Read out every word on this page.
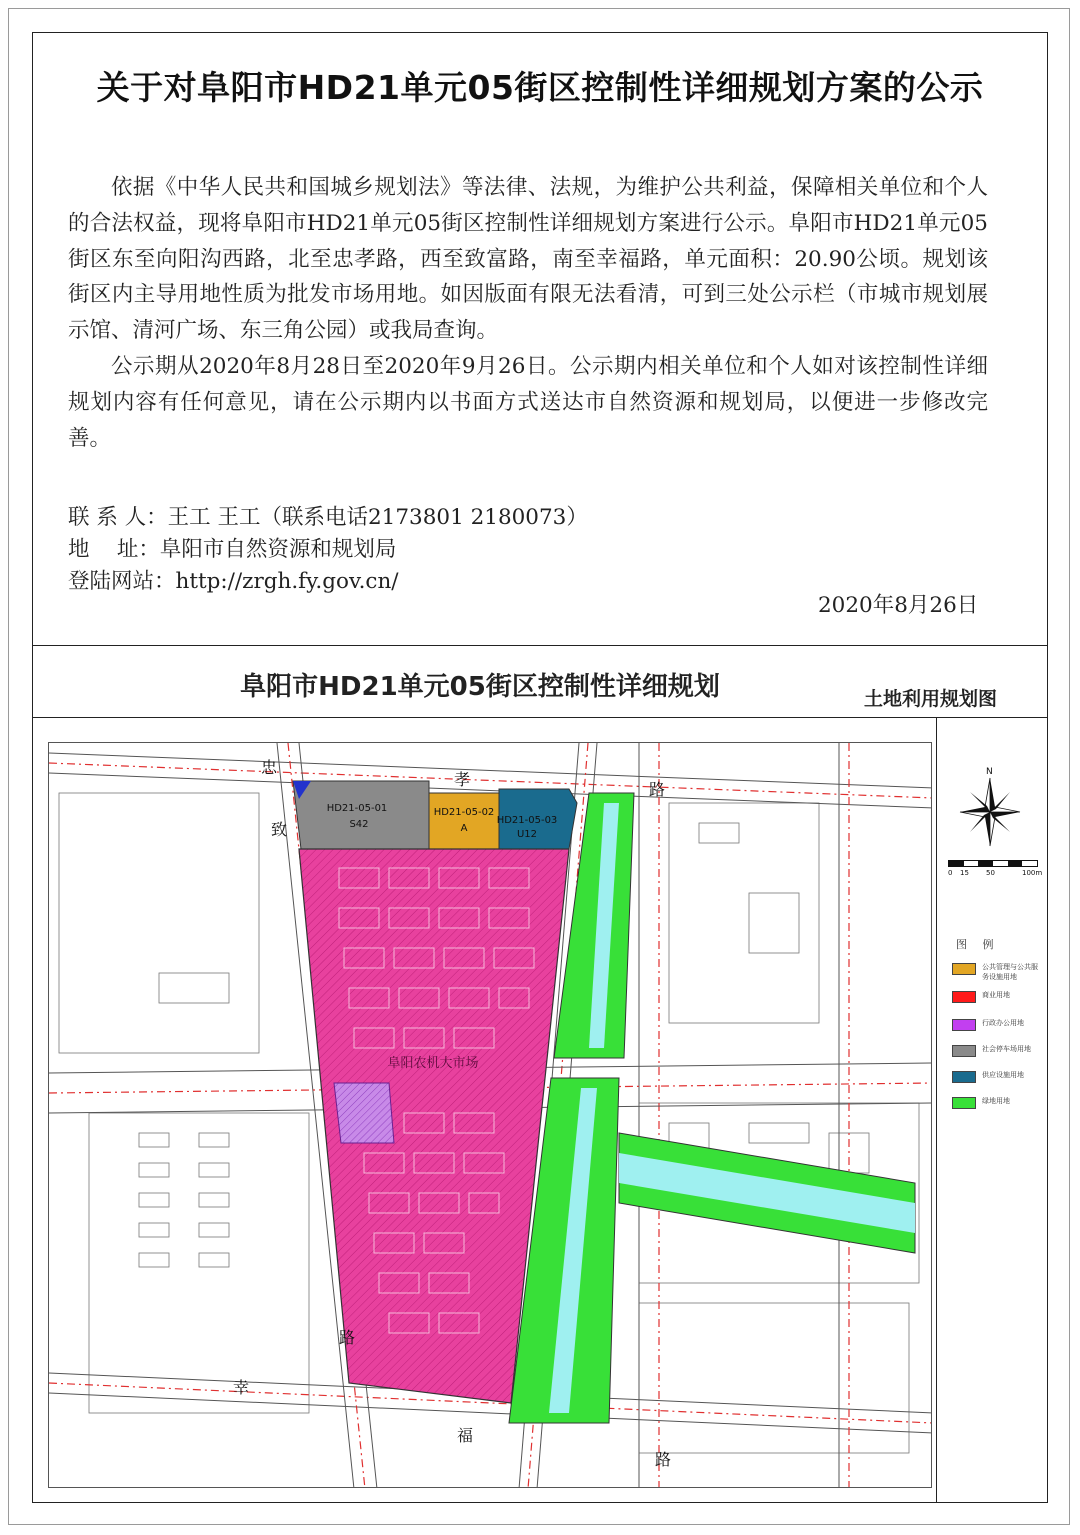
关于对阜阳市HD21单元05街区控制性详细规划方案的公示

依据《中华人民共和国城乡规划法》等法律、法规，为维护公共利益，保障相关单位和个人的合法权益，现将阜阳市HD21单元05街区控制性详细规划方案进行公示。阜阳市HD21单元05街区东至向阳沟西路，北至忠孝路，西至致富路，南至幸福路，单元面积：20.90公顷。规划该街区内主导用地性质为批发市场用地。如因版面有限无法看清，可到三处公示栏（市城市规划展示馆、清河广场、东三角公园）或我局查询。

公示期从2020年8月28日至2020年9月26日。公示期内相关单位和个人如对该控制性详细规划内容有任何意见，请在公示期内以书面方式送达市自然资源和规划局，以便进一步修改完善。

联 系 人：王工 王工（联系电话2173801 2180073）
地    址：阜阳市自然资源和规划局
登陆网站：http://zrgh.fy.gov.cn/
2020年8月26日
阜阳市HD21单元05街区控制性详细规划	土地利用规划图
HD21-05-01
S42
HD21-05-02
A
HD21-05-03
U12
阜阳农机大市场
忠
孝
路
致
路
幸
福
路
N
0 15 50	100m
图 例
公共管理与公共服务设施用地
商业用地
行政办公用地
社会停车场用地
供应设施用地
绿地用地
